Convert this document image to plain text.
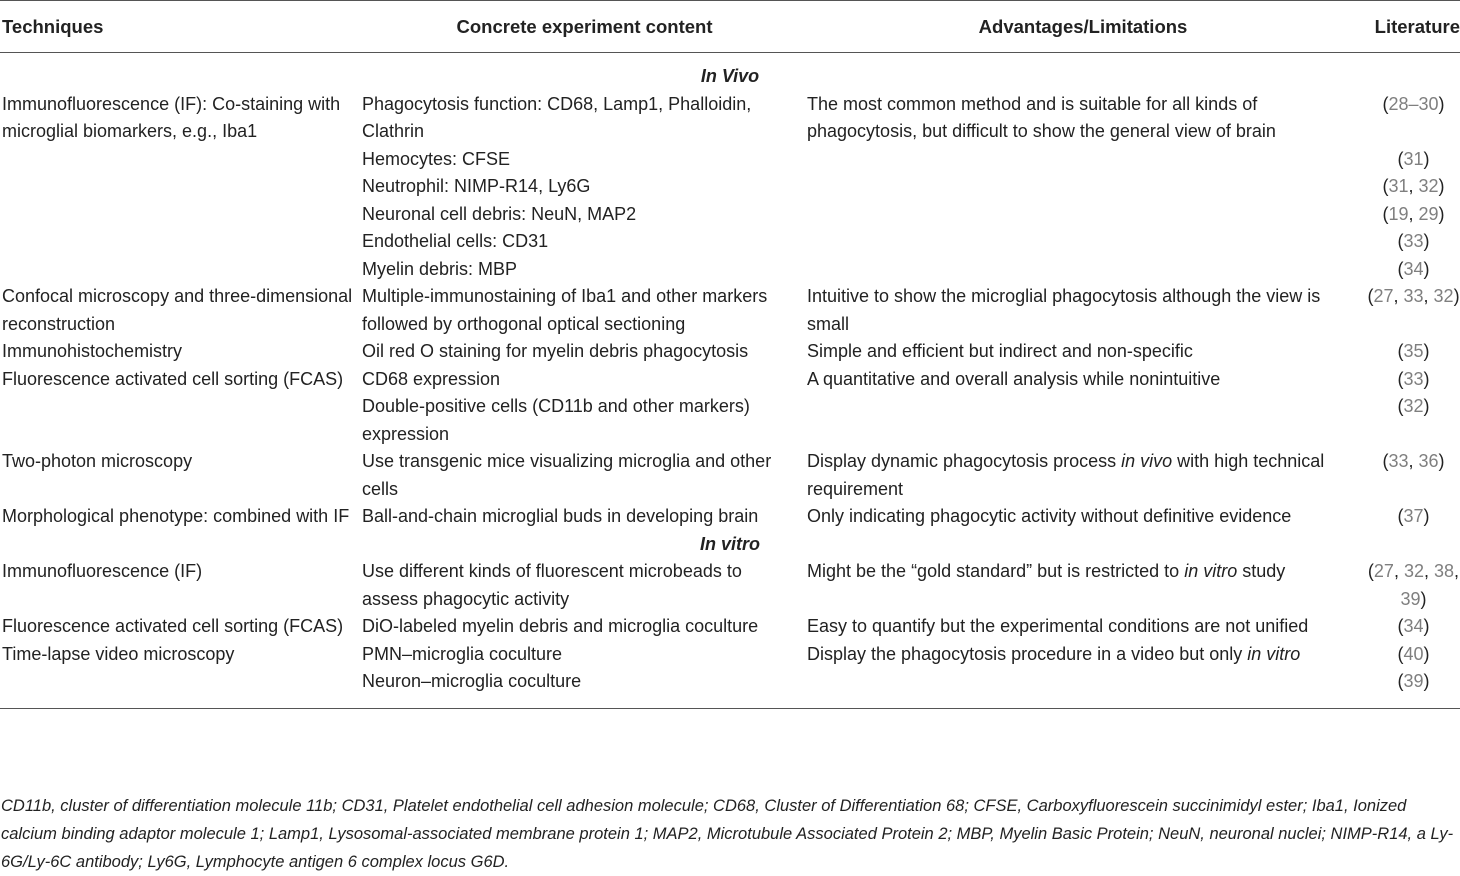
Techniques	Concrete experiment content	Advantages/Limitations	Literature
In Vivo			
Immunofluorescence (IF): Co-staining with microglial biomarkers, e.g., Iba1	Phagocytosis function: CD68, Lamp1, Phalloidin, Clathrin	The most common method and is suitable for all kinds of phagocytosis, but difficult to show the general view of brain	(28–30)
	Hemocytes: CFSE		(31)
	Neutrophil: NIMP-R14, Ly6G		(31, 32)
	Neuronal cell debris: NeuN, MAP2		(19, 29)
	Endothelial cells: CD31		(33)
	Myelin debris: MBP		(34)
Confocal microscopy and three-dimensional reconstruction	Multiple-immunostaining of Iba1 and other markers followed by orthogonal optical sectioning	Intuitive to show the microglial phagocytosis although the view is small	(27, 33, 32)
Immunohistochemistry	Oil red O staining for myelin debris phagocytosis	Simple and efficient but indirect and non-specific	(35)
Fluorescence activated cell sorting (FCAS)	CD68 expression	A quantitative and overall analysis while nonintuitive	(33)
	Double-positive cells (CD11b and other markers) expression		(32)
Two-photon microscopy	Use transgenic mice visualizing microglia and other cells	Display dynamic phagocytosis process in vivo with high technical requirement	(33, 36)
Morphological phenotype: combined with IF	Ball-and-chain microglial buds in developing brain	Only indicating phagocytic activity without definitive evidence	(37)
In vitro			
Immunofluorescence (IF)	Use different kinds of fluorescent microbeads to assess phagocytic activity	Might be the “gold standard” but is restricted to in vitro study	(27, 32, 38, 39)
Fluorescence activated cell sorting (FCAS)	DiO-labeled myelin debris and microglia coculture	Easy to quantify but the experimental conditions are not unified	(34)
Time-lapse video microscopy	PMN–microglia coculture	Display the phagocytosis procedure in a video but only in vitro	(40)
	Neuron–microglia coculture		(39)
CD11b, cluster of differentiation molecule 11b; CD31, Platelet endothelial cell adhesion molecule; CD68, Cluster of Differentiation 68; CFSE, Carboxyfluorescein succinimidyl ester; Iba1, Ionized calcium binding adaptor molecule 1; Lamp1, Lysosomal-associated membrane protein 1; MAP2, Microtubule Associated Protein 2; MBP, Myelin Basic Protein; NeuN, neuronal nuclei; NIMP-R14, a Ly-6G/Ly-6C antibody; Ly6G, Lymphocyte antigen 6 complex locus G6D.
